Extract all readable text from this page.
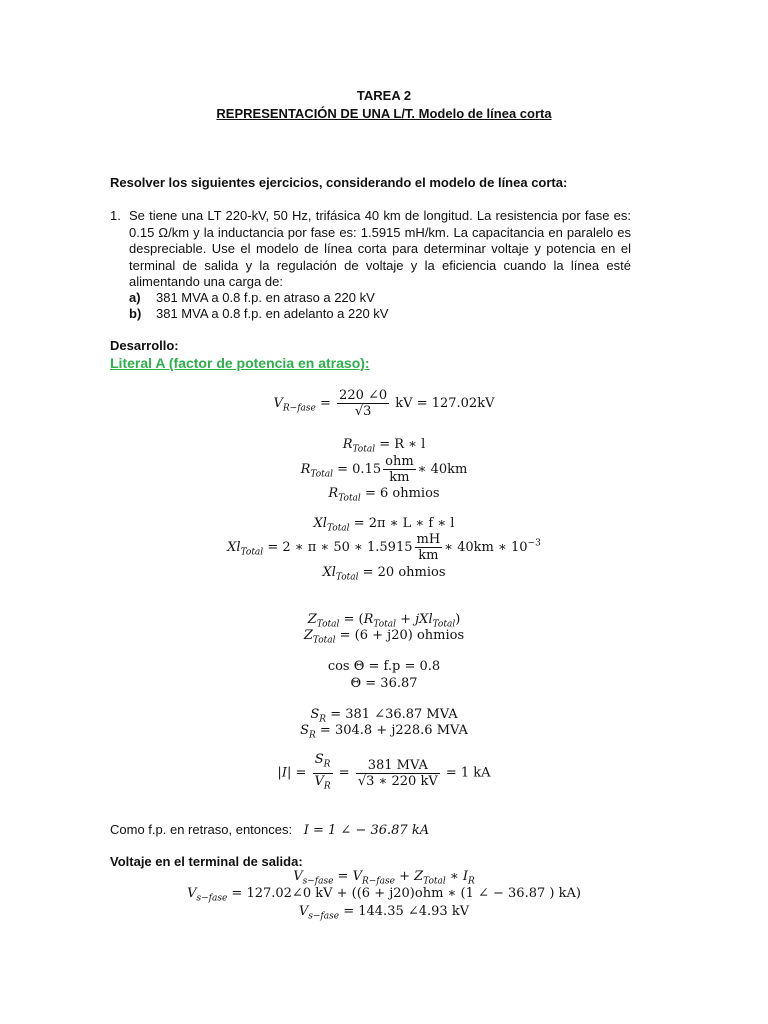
TAREA 2
REPRESENTACIÓN DE UNA L/T. Modelo de línea corta
Resolver los siguientes ejercicios, considerando el modelo de línea corta:
1. Se tiene una LT 220-kV, 50 Hz, trifásica 40 km de longitud. La resistencia por fase es: 0.15 Ω/km y la inductancia por fase es: 1.5915 mH/km. La capacitancia en paralelo es despreciable. Use el modelo de línea corta para determinar voltaje y potencia en el terminal de salida y la regulación de voltaje y la eficiencia cuando la línea esté alimentando una carga de:
a) 381 MVA a 0.8 f.p. en atraso a 220 kV
b) 381 MVA a 0.8 f.p. en adelanto a 220 kV
Desarrollo:
Literal A (factor de potencia en atraso):
$V_{R-fase} = \frac{220 \angle 0}{√3}$ kV = 127.02kV
$R_{Total} = R$ ∗ l
$R_{Total} = 0.15 \frac{\text{ohm}}{km}$ ∗ 40km
$R_{Total} = 6$ ohmios
$Xl_{Total} = 2\pi$ ∗ L ∗ f ∗ l
$Xl_{Total} = 2$ ∗ π ∗ 50 ∗ $1.5915 \frac{mH}{km}$ ∗ 40km ∗ $10^{-3}$
$Xl_{Total} = 20$ ohmios
$Z_{Total} = (R_{Total} + jXl_{Total})$
$Z_{Total} = (6 + j20)$ ohmios
cos Θ = f.p = 0.8
Θ = 36.87
$S_R = 381$ ∠36.87 MVA
$S_R = 304.8 + j228.6$ MVA
$|I| = \frac{S_R}{V_R} = \frac{\text{381 MVA}}{√3 ∗ 220 kV} = 1$ kA
Como f.p. en retraso, entonces: I = 1 ∠ − 36.87 kA
Voltaje en el terminal de salida:
$V_{s-fase} = V_{R-fase} + Z_{Total}$ ∗ $I_R$
$V_{s-fase}$ = 127.02∠0 kV + ((6 + j20)ohm ∗ (1 ∠ − 36.87 ) kA)
$V_{s-fase} = 144.35$ ∠4.93 kV
